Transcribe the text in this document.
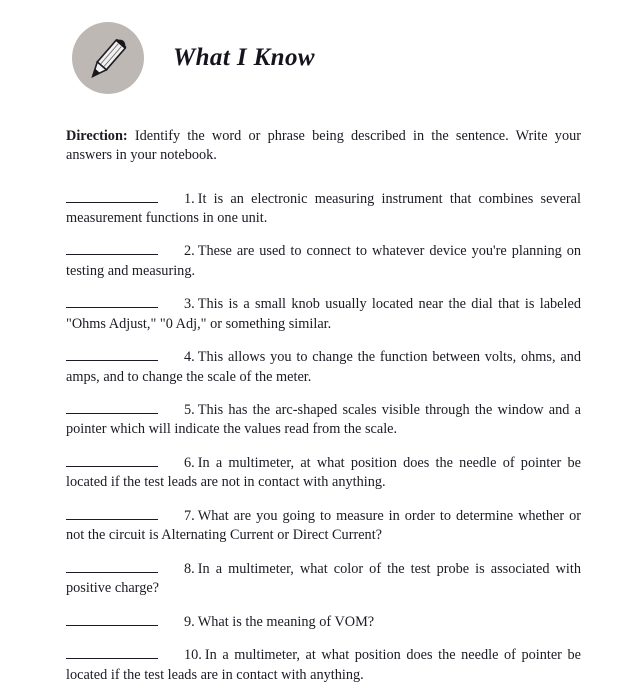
What I Know

Direction: Identify the word or phrase being described in the sentence. Write your answers in your notebook.

1. It is an electronic measuring instrument that combines several measurement functions in one unit.

2. These are used to connect to whatever device you're planning on testing and measuring.

3. This is a small knob usually located near the dial that is labeled "Ohms Adjust," "0 Adj," or something similar.

4. This allows you to change the function between volts, ohms, and amps, and to change the scale of the meter.

5. This has the arc-shaped scales visible through the window and a pointer which will indicate the values read from the scale.

6. In a multimeter, at what position does the needle of pointer be located if the test leads are not in contact with anything.

7. What are you going to measure in order to determine whether or not the circuit is Alternating Current or Direct Current?

8. In a multimeter, what color of the test probe is associated with positive charge?

9. What is the meaning of VOM?

10. In a multimeter, at what position does the needle of pointer be located if the test leads are in contact with anything.
